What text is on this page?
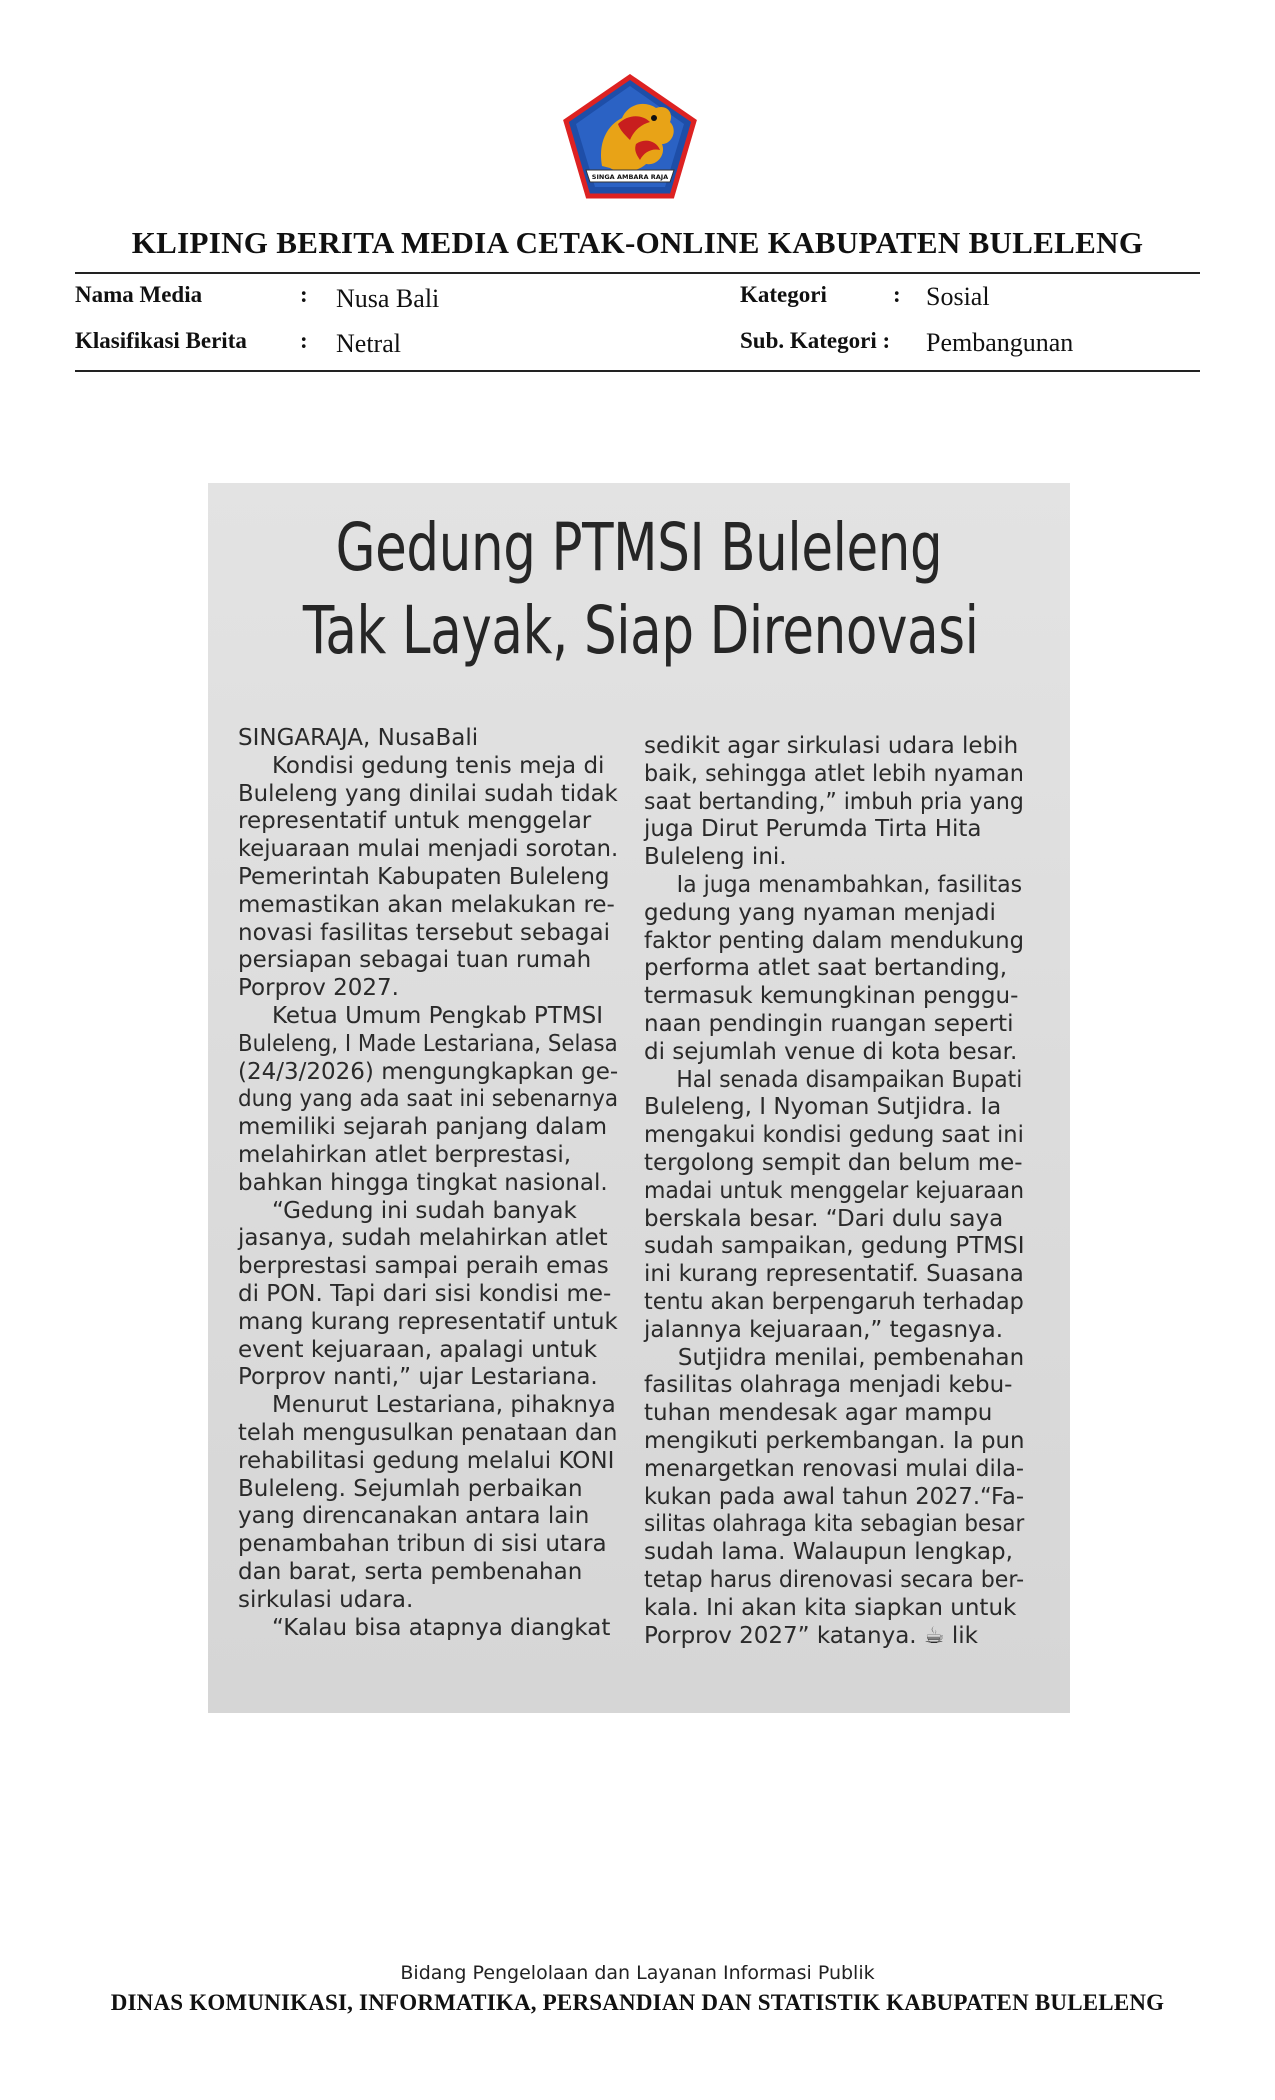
SINGA AMBARA RAJA
KLIPING BERITA MEDIA CETAK-ONLINE KABUPATEN BULELENG
Nama Media	: Nusa Bali
Klasifikasi Berita : Netral
Kategori	: Sosial
Sub. Kategori : Pembangunan
Gedung PTMSI Buleleng
Tak Layak, Siap Direnovasi
SINGARAJA, NusaBali
Kondisi gedung tenis meja di
Buleleng yang dinilai sudah tidak
representatif untuk menggelar
kejuaraan mulai menjadi sorotan.
Pemerintah Kabupaten Buleleng
memastikan akan melakukan re-
novasi fasilitas tersebut sebagai
persiapan sebagai tuan rumah
Porprov 2027.
Ketua Umum Pengkab PTMSI
Buleleng, I Made Lestariana, Selasa
(24/3/2026) mengungkapkan ge-
dung yang ada saat ini sebenarnya
memiliki sejarah panjang dalam
melahirkan atlet berprestasi,
bahkan hingga tingkat nasional.
“Gedung ini sudah banyak
jasanya, sudah melahirkan atlet
berprestasi sampai peraih emas
di PON. Tapi dari sisi kondisi me-
mang kurang representatif untuk
event kejuaraan, apalagi untuk
Porprov nanti,” ujar Lestariana.
Menurut Lestariana, pihaknya
telah mengusulkan penataan dan
rehabilitasi gedung melalui KONI
Buleleng. Sejumlah perbaikan
yang direncanakan antara lain
penambahan tribun di sisi utara
dan barat, serta pembenahan
sirkulasi udara.
“Kalau bisa atapnya diangkat
sedikit agar sirkulasi udara lebih
baik, sehingga atlet lebih nyaman
saat bertanding,” imbuh pria yang
juga Dirut Perumda Tirta Hita
Buleleng ini.
Ia juga menambahkan, fasilitas
gedung yang nyaman menjadi
faktor penting dalam mendukung
performa atlet saat bertanding,
termasuk kemungkinan penggu-
naan pendingin ruangan seperti
di sejumlah venue di kota besar.
Hal senada disampaikan Bupati
Buleleng, I Nyoman Sutjidra. Ia
mengakui kondisi gedung saat ini
tergolong sempit dan belum me-
madai untuk menggelar kejuaraan
berskala besar. “Dari dulu saya
sudah sampaikan, gedung PTMSI
ini kurang representatif. Suasana
tentu akan berpengaruh terhadap
jalannya kejuaraan,” tegasnya.
Sutjidra menilai, pembenahan
fasilitas olahraga menjadi kebu-
tuhan mendesak agar mampu
mengikuti perkembangan. Ia pun
menargetkan renovasi mulai dila-
kukan pada awal tahun 2027.“Fa-
silitas olahraga kita sebagian besar
sudah lama. Walaupun lengkap,
tetap harus direnovasi secara ber-
kala. Ini akan kita siapkan untuk
Porprov 2027” katanya. ☕ lik
Bidang Pengelolaan dan Layanan Informasi Publik
DINAS KOMUNIKASI, INFORMATIKA, PERSANDIAN DAN STATISTIK KABUPATEN BULELENG
